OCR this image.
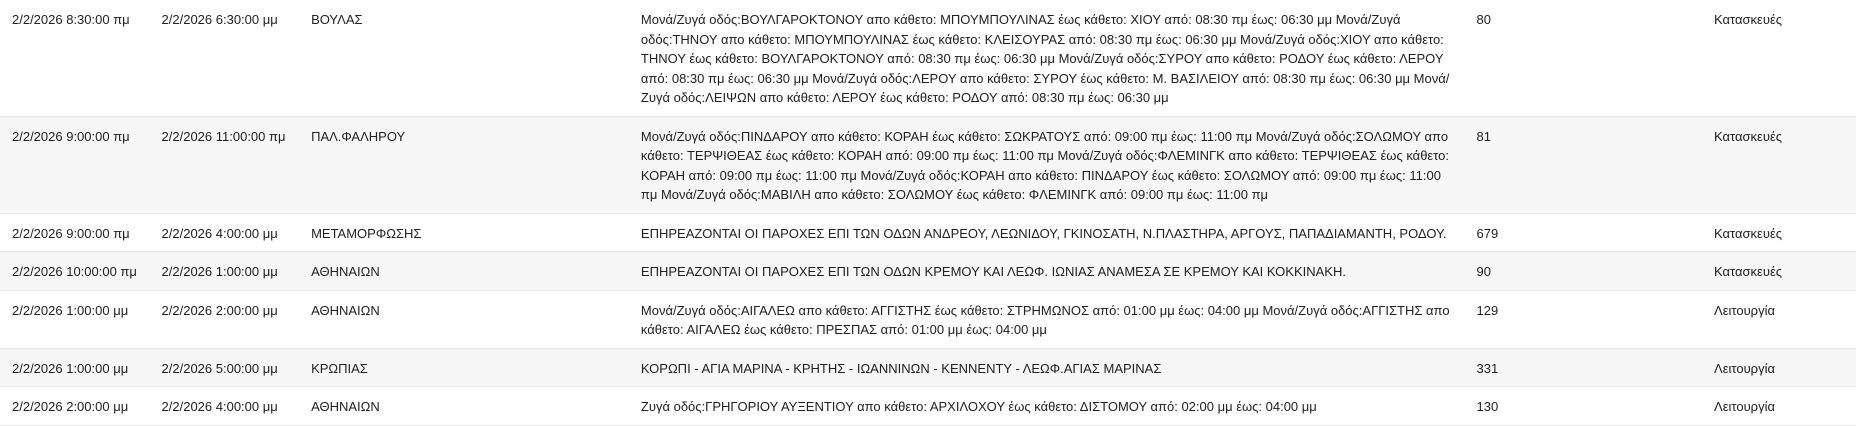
2/2/2026 8:30:00 πμ	2/2/2026 6:30:00 μμ	ΒΟΥΛΑΣ	Μονά/Ζυγά οδός:ΒΟΥΛΓΑΡΟΚΤΟΝΟΥ απο κάθετο: ΜΠΟΥΜΠΟΥΛΙΝΑΣ έως κάθετο: ΧΙΟΥ από: 08:30 πμ έως: 06:30 μμ Μονά/Ζυγά οδός:ΤΗΝΟΥ απο κάθετο: ΜΠΟΥΜΠΟΥΛΙΝΑΣ έως κάθετο: ΚΛΕΙΣΟΥΡΑΣ από: 08:30 πμ έως: 06:30 μμ Μονά/Ζυγά οδός:ΧΙΟΥ απο κάθετο: ΤΗΝΟΥ έως κάθετο: ΒΟΥΛΓΑΡΟΚΤΟΝΟΥ από: 08:30 πμ έως: 06:30 μμ Μονά/Ζυγά οδός:ΣΥΡΟΥ απο κάθετο: ΡΟΔΟΥ έως κάθετο: ΛΕΡΟΥ από: 08:30 πμ έως: 06:30 μμ Μονά/Ζυγά οδός:ΛΕΡΟΥ απο κάθετο: ΣΥΡΟΥ έως κάθετο: Μ. ΒΑΣΙΛΕΙΟΥ από: 08:30 πμ έως: 06:30 μμ Μονά/Ζυγά οδός:ΛΕΙΨΩΝ απο κάθετο: ΛΕΡΟΥ έως κάθετο: ΡΟΔΟΥ από: 08:30 πμ έως: 06:30 μμ	80		Κατασκευές
2/2/2026 9:00:00 πμ	2/2/2026 11:00:00 πμ	ΠΑΛ.ΦΑΛΗΡΟΥ	Μονά/Ζυγά οδός:ΠΙΝΔΑΡΟΥ απο κάθετο: ΚΟΡΑΗ έως κάθετο: ΣΩΚΡΑΤΟΥΣ από: 09:00 πμ έως: 11:00 πμ Μονά/Ζυγά οδός:ΣΟΛΩΜΟΥ απο κάθετο: ΤΕΡΨΙΘΕΑΣ έως κάθετο: ΚΟΡΑΗ από: 09:00 πμ έως: 11:00 πμ Μονά/Ζυγά οδός:ΦΛΕΜΙΝΓΚ απο κάθετο: ΤΕΡΨΙΘΕΑΣ έως κάθετο: ΚΟΡΑΗ από: 09:00 πμ έως: 11:00 πμ Μονά/Ζυγά οδός:ΚΟΡΑΗ απο κάθετο: ΠΙΝΔΑΡΟΥ έως κάθετο: ΣΟΛΩΜΟΥ από: 09:00 πμ έως: 11:00 πμ Μονά/Ζυγά οδός:ΜΑΒΙΛΗ απο κάθετο: ΣΟΛΩΜΟΥ έως κάθετο: ΦΛΕΜΙΝΓΚ από: 09:00 πμ έως: 11:00 πμ	81		Κατασκευές
2/2/2026 9:00:00 πμ	2/2/2026 4:00:00 μμ	ΜΕΤΑΜΟΡΦΩΣΗΣ	ΕΠΗΡΕΑΖΟΝΤΑΙ ΟΙ ΠΑΡΟΧΕΣ ΕΠΙ ΤΩΝ ΟΔΩΝ ΑΝΔΡΕΟΥ, ΛΕΩΝΙΔΟΥ, ΓΚΙΝΟΣΑΤΗ, Ν.ΠΛΑΣΤΗΡΑ, ΑΡΓΟΥΣ, ΠΑΠΑΔΙΑΜΑΝΤΗ, ΡΟΔΟΥ.	679		Κατασκευές
2/2/2026 10:00:00 πμ	2/2/2026 1:00:00 μμ	ΑΘΗΝΑΙΩΝ	ΕΠΗΡΕΑΖΟΝΤΑΙ ΟΙ ΠΑΡΟΧΕΣ ΕΠΙ ΤΩΝ ΟΔΩΝ ΚΡΕΜΟΥ ΚΑΙ ΛΕΩΦ. ΙΩΝΙΑΣ ΑΝΑΜΕΣΑ ΣΕ ΚΡΕΜΟΥ ΚΑΙ ΚΟΚΚΙΝΑΚΗ.	90		Κατασκευές
2/2/2026 1:00:00 μμ	2/2/2026 2:00:00 μμ	ΑΘΗΝΑΙΩΝ	Μονά/Ζυγά οδός:ΑΙΓΑΛΕΩ απο κάθετο: ΑΓΓΙΣΤΗΣ έως κάθετο: ΣΤΡΗΜΩΝΟΣ από: 01:00 μμ έως: 04:00 μμ Μονά/Ζυγά οδός:ΑΓΓΙΣΤΗΣ απο κάθετο: ΑΙΓΑΛΕΩ έως κάθετο: ΠΡΕΣΠΑΣ από: 01:00 μμ έως: 04:00 μμ	129		Λειτουργία
2/2/2026 1:00:00 μμ	2/2/2026 5:00:00 μμ	ΚΡΩΠΙΑΣ	ΚΟΡΩΠΙ - ΑΓΙΑ ΜΑΡΙΝΑ - ΚΡΗΤΗΣ - ΙΩΑΝΝΙΝΩΝ - ΚΕΝΝΕΝΤΥ - ΛΕΩΦ.ΑΓΙΑΣ ΜΑΡΙΝΑΣ	331		Λειτουργία
2/2/2026 2:00:00 μμ	2/2/2026 4:00:00 μμ	ΑΘΗΝΑΙΩΝ	Ζυγά οδός:ΓΡΗΓΟΡΙΟΥ ΑΥΞΕΝΤΙΟΥ απο κάθετο: ΑΡΧΙΛΟΧΟΥ έως κάθετο: ΔΙΣΤΟΜΟΥ από: 02:00 μμ έως: 04:00 μμ	130		Λειτουργία
